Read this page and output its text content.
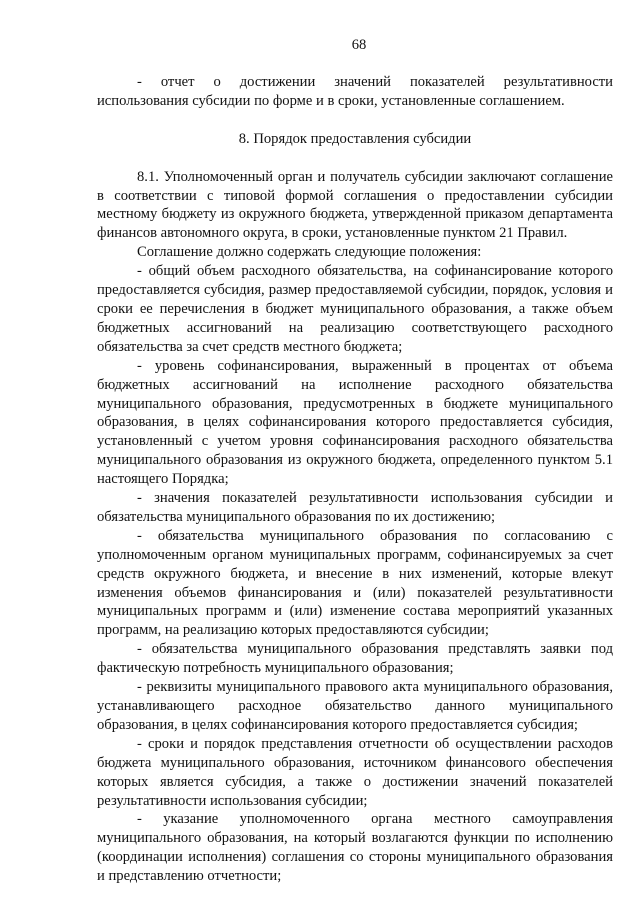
68

- отчет о достижении значений показателей результативности использования субсидии по форме и в сроки, установленные соглашением.

8. Порядок предоставления субсидии

8.1. Уполномоченный орган и получатель субсидии заключают соглашение в соответствии с типовой формой соглашения о предоставлении субсидии местному бюджету из окружного бюджета, утвержденной приказом департамента финансов автономного округа, в сроки, установленные пунктом 21 Правил.

Соглашение должно содержать следующие положения:

- общий объем расходного обязательства, на софинансирование которого предоставляется субсидия, размер предоставляемой субсидии, порядок, условия и сроки ее перечисления в бюджет муниципального образования, а также объем бюджетных ассигнований на реализацию соответствующего расходного обязательства за счет средств местного бюджета;

- уровень софинансирования, выраженный в процентах от объема бюджетных ассигнований на исполнение расходного обязательства муниципального образования, предусмотренных в бюджете муниципального образования, в целях софинансирования которого предоставляется субсидия, установленный с учетом уровня софинансирования расходного обязательства муниципального образования из окружного бюджета, определенного пунктом 5.1 настоящего Порядка;

- значения показателей результативности использования субсидии и обязательства муниципального образования по их достижению;

- обязательства муниципального образования по согласованию с уполномоченным органом муниципальных программ, софинансируемых за счет средств окружного бюджета, и внесение в них изменений, которые влекут изменения объемов финансирования и (или) показателей результативности муниципальных программ и (или) изменение состава мероприятий указанных программ, на реализацию которых предоставляются субсидии;

- обязательства муниципального образования представлять заявки под фактическую потребность муниципального образования;

- реквизиты муниципального правового акта муниципального образования, устанавливающего расходное обязательство данного муниципального образования, в целях софинансирования которого предоставляется субсидия;

- сроки и порядок представления отчетности об осуществлении расходов бюджета муниципального образования, источником финансового обеспечения которых является субсидия, а также о достижении значений показателей результативности использования субсидии;

- указание уполномоченного органа местного самоуправления муниципального образования, на который возлагаются функции по исполнению (координации исполнения) соглашения со стороны муниципального образования и представлению отчетности;
